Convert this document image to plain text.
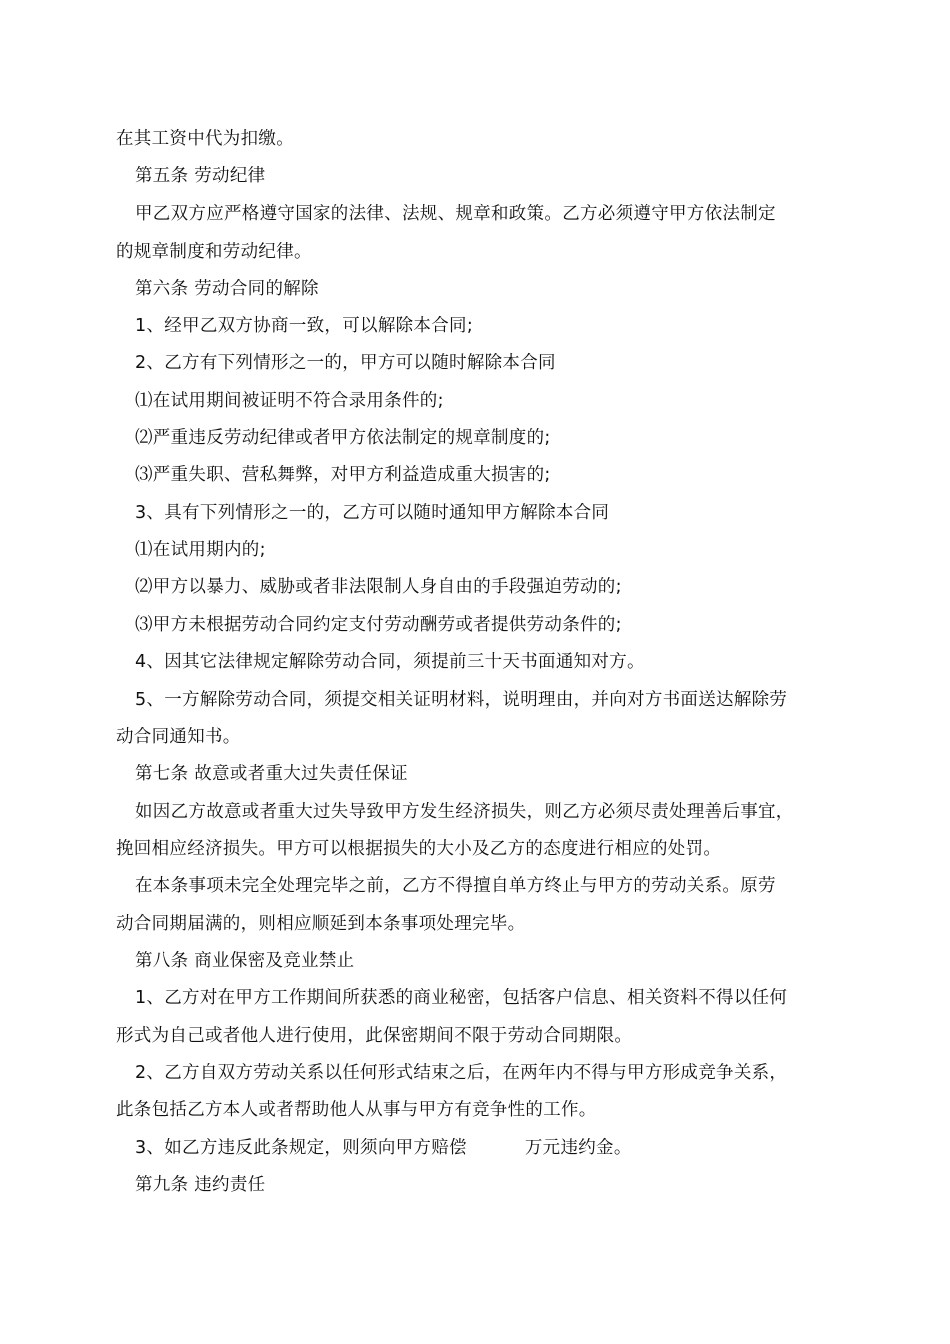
在其工资中代为扣缴。
第五条 劳动纪律
甲乙双方应严格遵守国家的法律、法规、规章和政策。乙方必须遵守甲方依法制定
的规章制度和劳动纪律。
第六条 劳动合同的解除
1、经甲乙双方协商一致，可以解除本合同;
2、乙方有下列情形之一的，甲方可以随时解除本合同
⑴在试用期间被证明不符合录用条件的;
⑵严重违反劳动纪律或者甲方依法制定的规章制度的;
⑶严重失职、营私舞弊，对甲方利益造成重大损害的;
3、具有下列情形之一的，乙方可以随时通知甲方解除本合同
⑴在试用期内的;
⑵甲方以暴力、威胁或者非法限制人身自由的手段强迫劳动的;
⑶甲方未根据劳动合同约定支付劳动酬劳或者提供劳动条件的;
4、因其它法律规定解除劳动合同，须提前三十天书面通知对方。
5、一方解除劳动合同，须提交相关证明材料，说明理由，并向对方书面送达解除劳
动合同通知书。
第七条 故意或者重大过失责任保证
如因乙方故意或者重大过失导致甲方发生经济损失，则乙方必须尽责处理善后事宜，
挽回相应经济损失。甲方可以根据损失的大小及乙方的态度进行相应的处罚。
在本条事项未完全处理完毕之前，乙方不得擅自单方终止与甲方的劳动关系。原劳
动合同期届满的，则相应顺延到本条事项处理完毕。
第八条 商业保密及竞业禁止
1、乙方对在甲方工作期间所获悉的商业秘密，包括客户信息、相关资料不得以任何
形式为自己或者他人进行使用，此保密期间不限于劳动合同期限。
2、乙方自双方劳动关系以任何形式结束之后，在两年内不得与甲方形成竞争关系，
此条包括乙方本人或者帮助他人从事与甲方有竞争性的工作。
3、如乙方违反此条规定，则须向甲方赔偿	万元违约金。
第九条 违约责任
